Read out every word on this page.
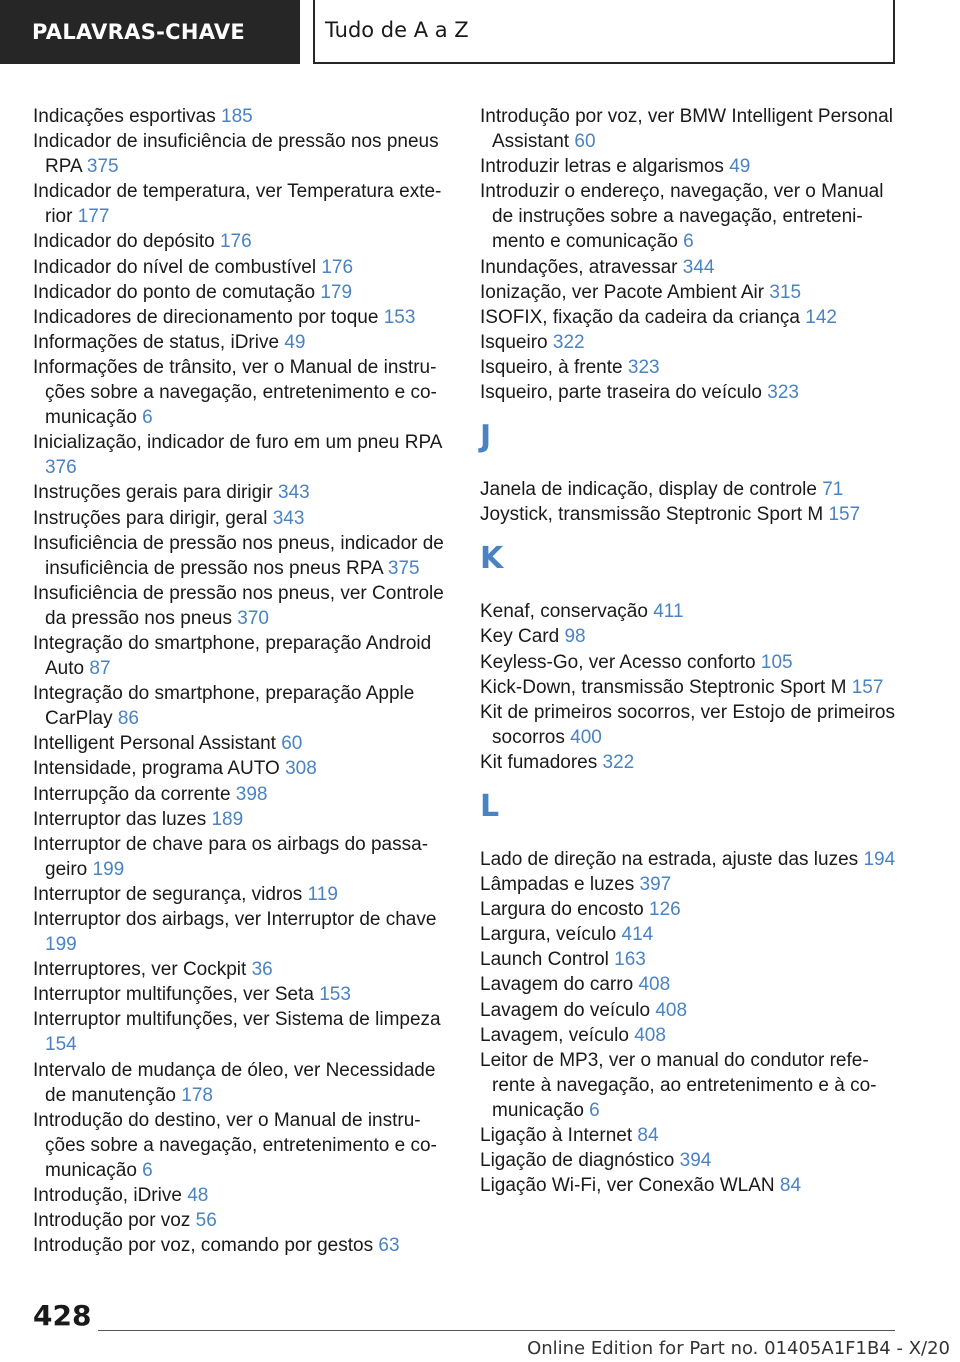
PALAVRAS-CHAVE	Tudo de A a Z
Indicações esportivas 185
Indicador de insuficiência de pressão nos pneus RPA 375
Indicador de temperatura, ver Temperatura exterior 177
Indicador do depósito 176
Indicador do nível de combustível 176
Indicador do ponto de comutação 179
Indicadores de direcionamento por toque 153
Informações de status, iDrive 49
Informações de trânsito, ver o Manual de instruções sobre a navegação, entretenimento e comunicação 6
Inicialização, indicador de furo em um pneu RPA 376
Instruções gerais para dirigir 343
Instruções para dirigir, geral 343
Insuficiência de pressão nos pneus, indicador de insuficiência de pressão nos pneus RPA 375
Insuficiência de pressão nos pneus, ver Controle da pressão nos pneus 370
Integração do smartphone, preparação Android Auto 87
Integração do smartphone, preparação Apple CarPlay 86
Intelligent Personal Assistant 60
Intensidade, programa AUTO 308
Interrupção da corrente 398
Interruptor das luzes 189
Interruptor de chave para os airbags do passageiro 199
Interruptor de segurança, vidros 119
Interruptor dos airbags, ver Interruptor de chave 199
Interruptores, ver Cockpit 36
Interruptor multifunções, ver Seta 153
Interruptor multifunções, ver Sistema de limpeza 154
Intervalo de mudança de óleo, ver Necessidade de manutenção 178
Introdução do destino, ver o Manual de instruções sobre a navegação, entretenimento e comunicação 6
Introdução, iDrive 48
Introdução por voz 56
Introdução por voz, comando por gestos 63
Introdução por voz, ver BMW Intelligent Personal Assistant 60
Introduzir letras e algarismos 49
Introduzir o endereço, navegação, ver o Manual de instruções sobre a navegação, entretenimento e comunicação 6
Inundações, atravessar 344
Ionização, ver Pacote Ambient Air 315
ISOFIX, fixação da cadeira da criança 142
Isqueiro 322
Isqueiro, à frente 323
Isqueiro, parte traseira do veículo 323
J
Janela de indicação, display de controle 71
Joystick, transmissão Steptronic Sport M 157
K
Kenaf, conservação 411
Key Card 98
Keyless-Go, ver Acesso conforto 105
Kick-Down, transmissão Steptronic Sport M 157
Kit de primeiros socorros, ver Estojo de primeiros socorros 400
Kit fumadores 322
L
Lado de direção na estrada, ajuste das luzes 194
Lâmpadas e luzes 397
Largura do encosto 126
Largura, veículo 414
Launch Control 163
Lavagem do carro 408
Lavagem do veículo 408
Lavagem, veículo 408
Leitor de MP3, ver o manual do condutor referente à navegação, ao entretenimento e à comunicação 6
Ligação à Internet 84
Ligação de diagnóstico 394
Ligação Wi-Fi, ver Conexão WLAN 84
428
Online Edition for Part no. 01405A1F1B4 - X/20
